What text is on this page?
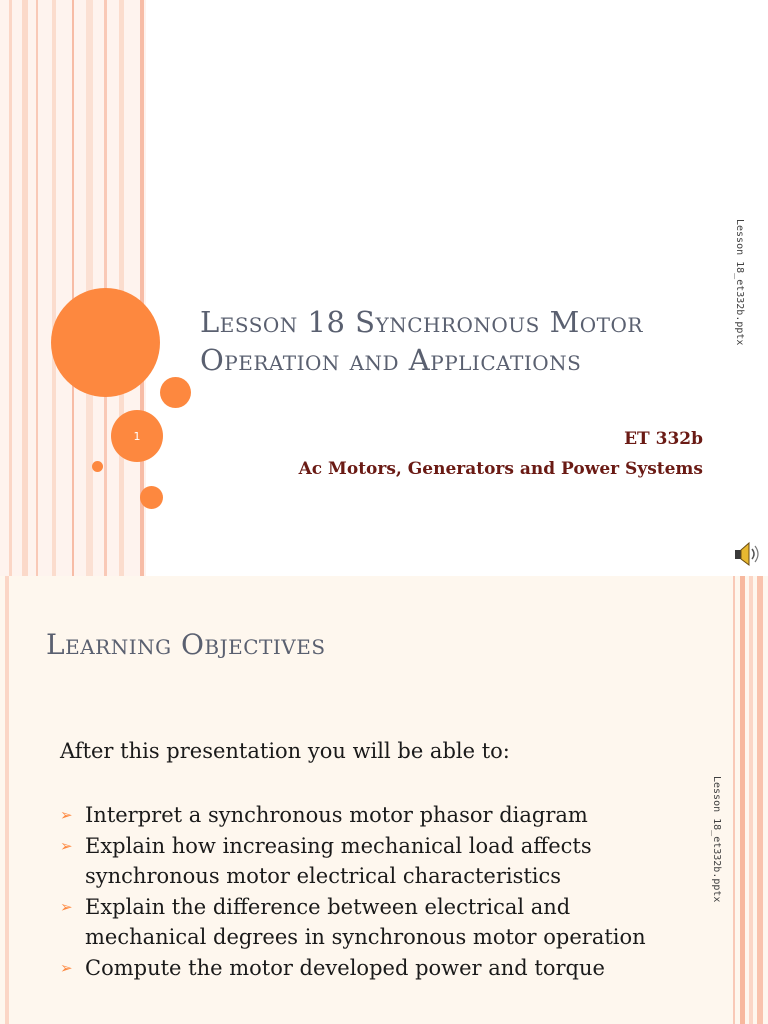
1
Lesson 18 Synchronous Motor Operation and Applications
ET 332b
Ac Motors, Generators and Power Systems
Lesson 18_et332b.pptx
Learning Objectives
After this presentation you will be able to:
➢ Interpret a synchronous motor phasor diagram
➢ Explain how increasing mechanical load affects synchronous motor electrical characteristics
➢ Explain the difference between electrical and mechanical degrees in synchronous motor operation
➢ Compute the motor developed power and torque
Lesson 18_et332b.pptx
